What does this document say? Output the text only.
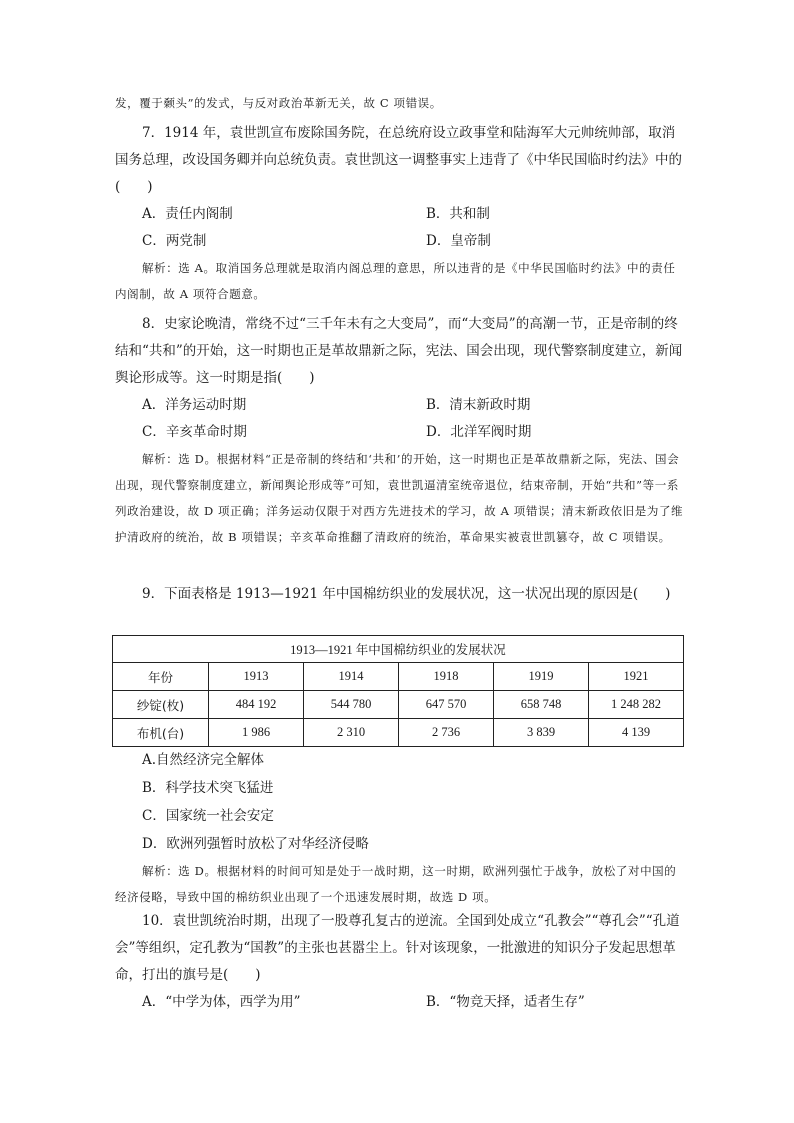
发，覆于颡头”的发式，与反对政治革新无关，故 C 项错误。

7．1914 年，袁世凯宣布废除国务院，在总统府设立政事堂和陆海军大元帅统帅部，取消国务总理，改设国务卿并向总统负责。袁世凯这一调整事实上违背了《中华民国临时约法》中的(　　)

A．责任内阁制	B．共和制
C．两党制	D．皇帝制

解析：选 A。取消国务总理就是取消内阁总理的意思，所以违背的是《中华民国临时约法》中的责任内阁制，故 A 项符合题意。

8．史家论晚清，常绕不过“三千年未有之大变局”，而“大变局”的高潮一节，正是帝制的终结和“共和”的开始，这一时期也正是革故鼎新之际，宪法、国会出现，现代警察制度建立，新闻舆论形成等。这一时期是指(　　)

A．洋务运动时期	B．清末新政时期
C．辛亥革命时期	D．北洋军阀时期

解析：选 D。根据材料“正是帝制的终结和‘共和’的开始，这一时期也正是革故鼎新之际，宪法、国会出现，现代警察制度建立，新闻舆论形成等”可知，袁世凯逼清室统帝退位，结束帝制，开始“共和”等一系列政治建设，故 D 项正确；洋务运动仅限于对西方先进技术的学习，故 A 项错误；清末新政依旧是为了维护清政府的统治，故 B 项错误；辛亥革命推翻了清政府的统治，革命果实被袁世凯篡夺，故 C 项错误。

9．下面表格是 1913—1921 年中国棉纺织业的发展状况，这一状况出现的原因是(　　)

1913—1921 年中国棉纺织业的发展状况					
年份	1913	1914	1918	1919	1921
纱锭(枚)	484 192	544 780	647 570	658 748	1 248 282
布机(台)	1 986	2 310	2 736	3 839	4 139
A.自然经济完全解体
B．科学技术突飞猛进
C．国家统一社会安定
D．欧洲列强暂时放松了对华经济侵略

解析：选 D。根据材料的时间可知是处于一战时期，这一时期，欧洲列强忙于战争，放松了对中国的经济侵略，导致中国的棉纺织业出现了一个迅速发展时期，故选 D 项。

10．袁世凯统治时期，出现了一股尊孔复古的逆流。全国到处成立“孔教会”“尊孔会”“孔道会”等组织，定孔教为“国教”的主张也甚嚣尘上。针对该现象，一批激进的知识分子发起思想革命，打出的旗号是(　　)

A．“中学为体，西学为用”	B．“物竞天择，适者生存”
